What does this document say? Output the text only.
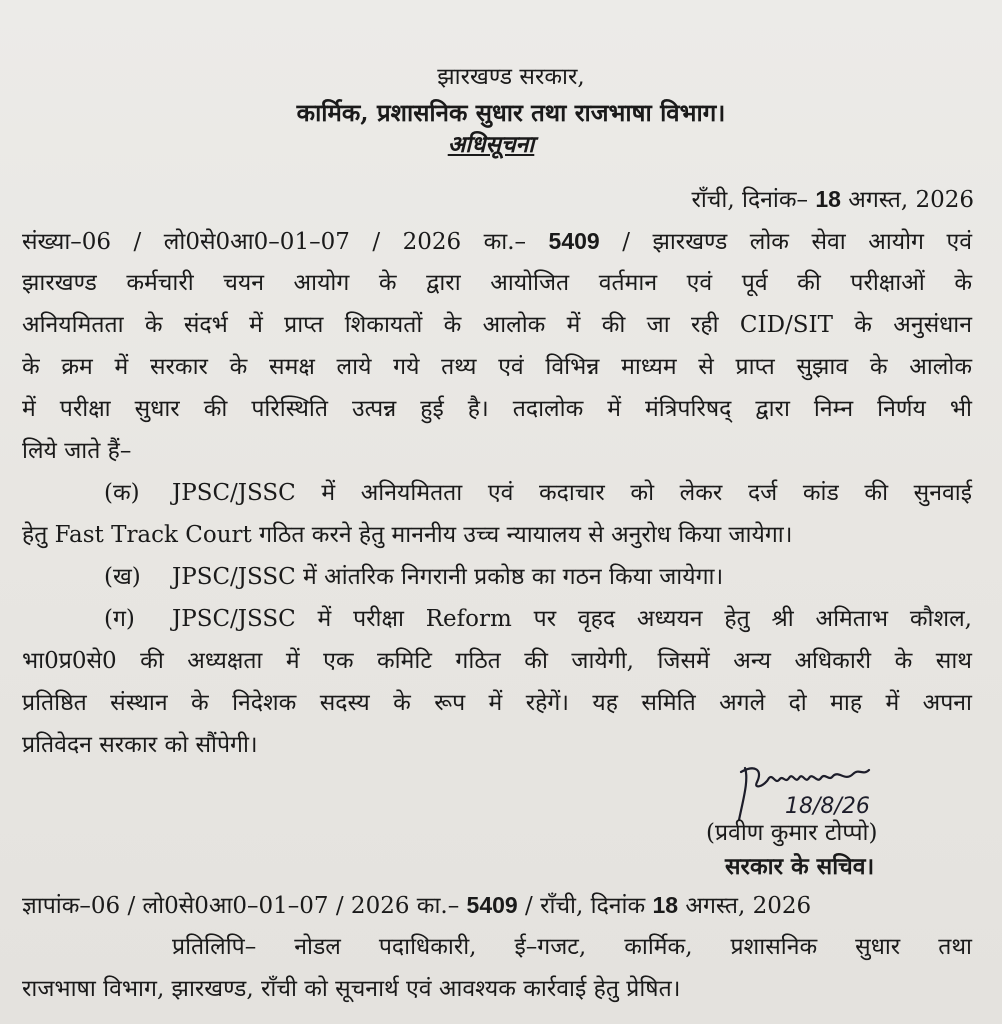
झारखण्ड सरकार,
कार्मिक, प्रशासनिक सुधार तथा राजभाषा विभाग।
अधिसूचना
राँची, दिनांक– 18 अगस्त, 2026
संख्या–06 / लो0से0आ0–01–07 / 2026 का.– 5409 / झारखण्ड लोक सेवा आयोग एवं
झारखण्ड कर्मचारी चयन आयोग के द्वारा आयोजित वर्तमान एवं पूर्व की परीक्षाओं के
अनियमितता के संदर्भ में प्राप्त शिकायतों के आलोक में की जा रही CID/SIT के अनुसंधान
के क्रम में सरकार के समक्ष लाये गये तथ्य एवं विभिन्न माध्यम से प्राप्त सुझाव के आलोक
में परीक्षा सुधार की परिस्थिति उत्पन्न हुई है। तदालोक में मंत्रिपरिषद् द्वारा निम्न निर्णय भी
लिये जाते हैं–
(क)	JPSC/JSSC में अनियमितता एवं कदाचार को लेकर दर्ज कांड की सुनवाई
हेतु Fast Track Court गठित करने हेतु माननीय उच्च न्यायालय से अनुरोध किया जायेगा।
(ख)	JPSC/JSSC में आंतरिक निगरानी प्रकोष्ठ का गठन किया जायेगा।
(ग)	JPSC/JSSC में परीक्षा Reform पर वृहद अध्ययन हेतु श्री अमिताभ कौशल,
भा0प्र0से0 की अध्यक्षता में एक कमिटि गठित की जायेगी, जिसमें अन्य अधिकारी के साथ
प्रतिष्ठित संस्थान के निदेशक सदस्य के रूप में रहेगें। यह समिति अगले दो माह में अपना
प्रतिवेदन सरकार को सौंपेगी।
18/8/26
(प्रवीण कुमार टोप्पो)
सरकार के सचिव।
ज्ञापांक–06 / लो0से0आ0–01–07 / 2026 का.– 5409 / राँची, दिनांक 18 अगस्त, 2026
प्रतिलिपि– नोडल पदाधिकारी, ई–गजट, कार्मिक, प्रशासनिक सुधार तथा
राजभाषा विभाग, झारखण्ड, राँची को सूचनार्थ एवं आवश्यक कार्रवाई हेतु प्रेषित।
